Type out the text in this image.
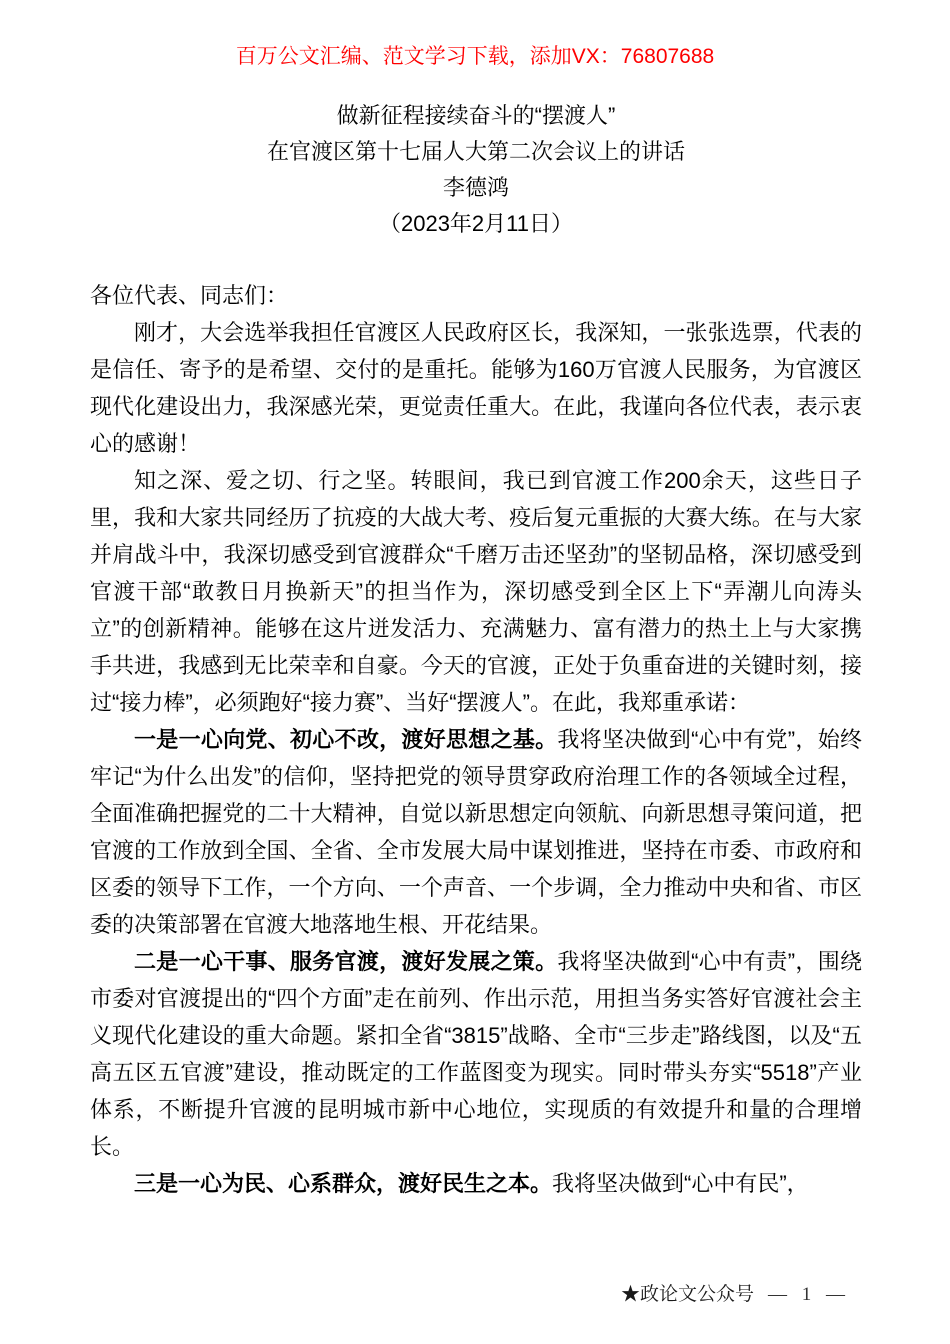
百万公文汇编、范文学习下载，添加VX：76807688
做新征程接续奋斗的“摆渡人”
在官渡区第十七届人大第二次会议上的讲话
李德鸿
（2023年2月11日）

各位代表、同志们：

刚才，大会选举我担任官渡区人民政府区长，我深知，一张张选票，代表的是信任、寄予的是希望、交付的是重托。能够为160万官渡人民服务，为官渡区现代化建设出力，我深感光荣，更觉责任重大。在此，我谨向各位代表，表示衷心的感谢！

知之深、爱之切、行之坚。转眼间，我已到官渡工作200余天，这些日子里，我和大家共同经历了抗疫的大战大考、疫后复元重振的大赛大练。在与大家并肩战斗中，我深切感受到官渡群众“千磨万击还坚劲”的坚韧品格，深切感受到官渡干部“敢教日月换新天”的担当作为，深切感受到全区上下“弄潮儿向涛头立”的创新精神。能够在这片迸发活力、充满魅力、富有潜力的热土上与大家携手共进，我感到无比荣幸和自豪。今天的官渡，正处于负重奋进的关键时刻，接过“接力棒”，必须跑好“接力赛”、当好“摆渡人”。在此，我郑重承诺：

一是一心向党、初心不改，渡好思想之基。我将坚决做到“心中有党”，始终牢记“为什么出发”的信仰，坚持把党的领导贯穿政府治理工作的各领域全过程，全面准确把握党的二十大精神，自觉以新思想定向领航、向新思想寻策问道，把官渡的工作放到全国、全省、全市发展大局中谋划推进，坚持在市委、市政府和区委的领导下工作，一个方向、一个声音、一个步调，全力推动中央和省、市区委的决策部署在官渡大地落地生根、开花结果。

二是一心干事、服务官渡，渡好发展之策。我将坚决做到“心中有责”，围绕市委对官渡提出的“四个方面”走在前列、作出示范，用担当务实答好官渡社会主义现代化建设的重大命题。紧扣全省“3815”战略、全市“三步走”路线图，以及“五高五区五官渡”建设，推动既定的工作蓝图变为现实。同时带头夯实“5518”产业体系，不断提升官渡的昆明城市新中心地位，实现质的有效提升和量的合理增长。

三是一心为民、心系群众，渡好民生之本。我将坚决做到“心中有民”，

★政论文公众号 — 1 —
